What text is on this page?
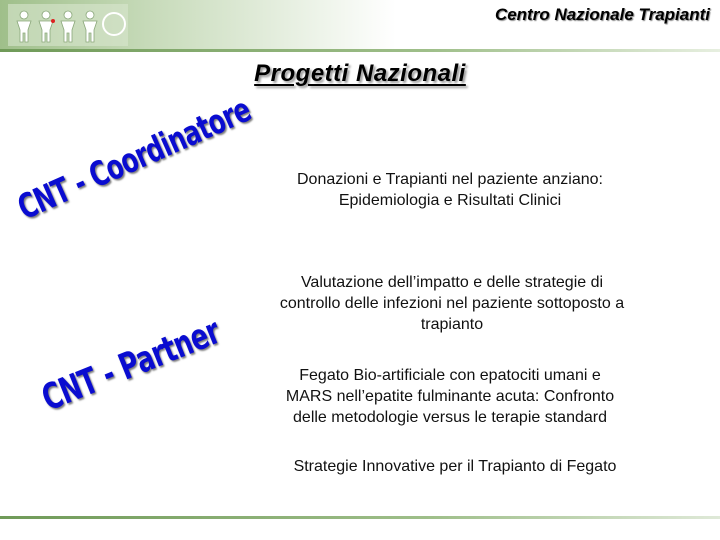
Centro Nazionale Trapianti
Progetti Nazionali
CNT - Coordinatore
CNT - Partner
Donazioni e Trapianti nel paziente anziano:
Epidemiologia e Risultati Clinici
Valutazione dell’impatto e delle strategie di
controllo delle infezioni nel paziente sottoposto a
trapianto
Fegato Bio-artificiale con epatociti umani e
MARS nell’epatite fulminante acuta: Confronto
delle metodologie versus le terapie standard
Strategie Innovative per il Trapianto di Fegato
